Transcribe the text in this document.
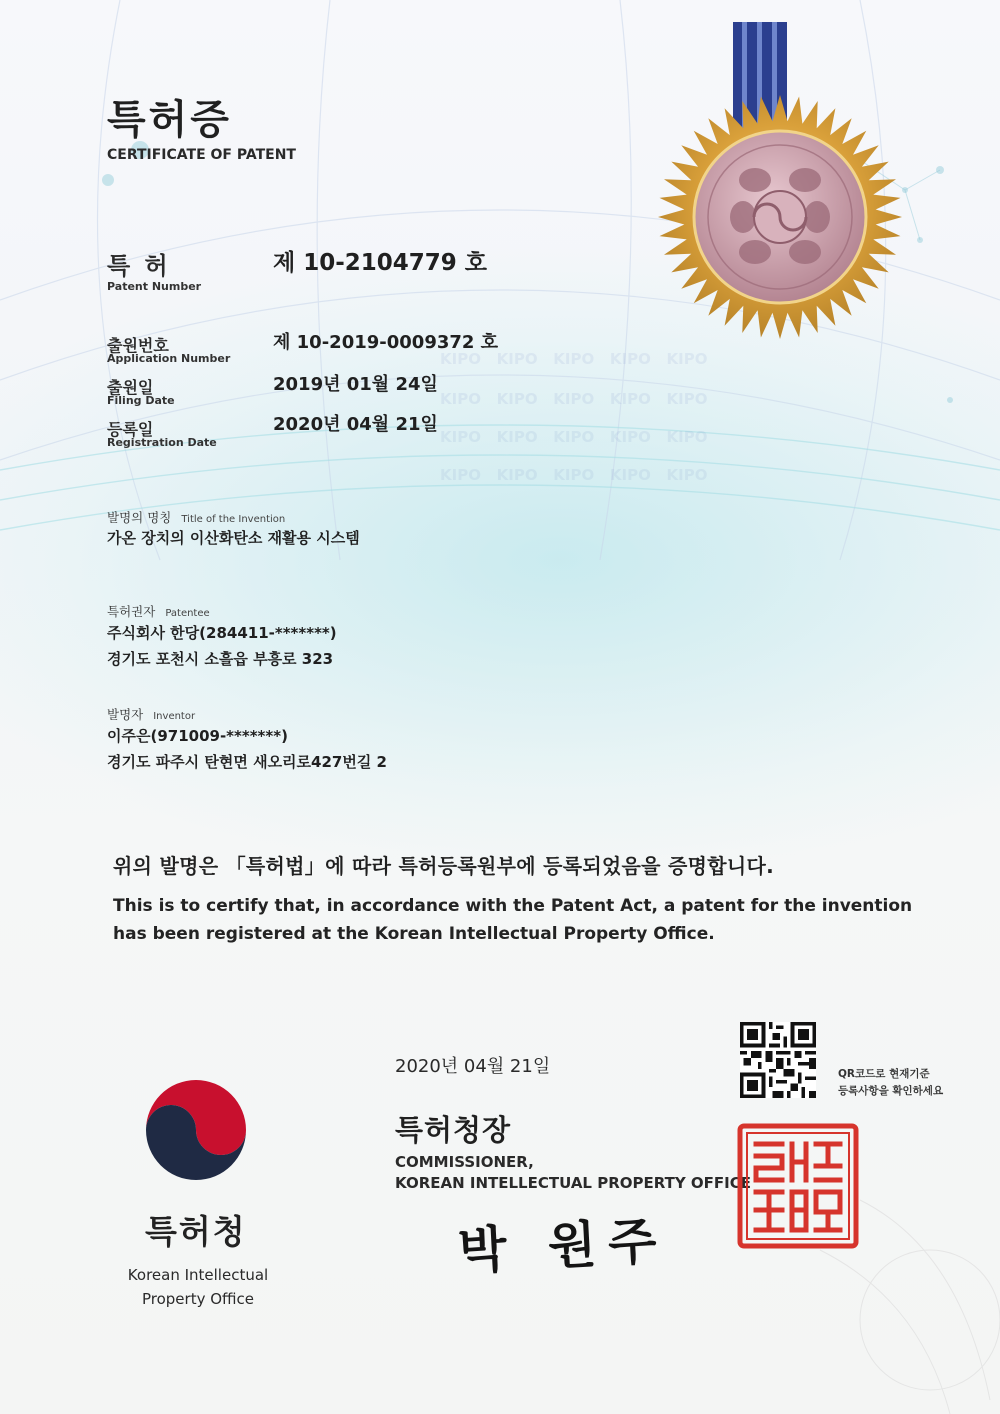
KIPO KIPO KIPO KIPO KIPO
KIPO KIPO KIPO KIPO KIPO
KIPO KIPO KIPO KIPO KIPO
KIPO KIPO KIPO KIPO KIPO
특허증
CERTIFICATE OF PATENT
특 허
Patent Number
제 10-2104779 호
출원번호
Application Number
제 10-2019-0009372 호
출원일
Filing Date
2019년 01월 24일
등록일
Registration Date
2020년 04월 21일
발명의 명칭 Title of the Invention
가온 장치의 이산화탄소 재활용 시스템
특허권자 Patentee
주식회사 한당(284411-*******)
경기도 포천시 소흘읍 부흥로 323
발명자 Inventor
이주은(971009-*******)
경기도 파주시 탄현면 새오리로427번길 2
위의 발명은 「특허법」에 따라 특허등록원부에 등록되었음을 증명합니다.
This is to certify that, in accordance with the Patent Act, a patent for the invention
has been registered at the Korean Intellectual Property Office.
2020년 04월 21일
특허청장
COMMISSIONER,
KOREAN INTELLECTUAL PROPERTY OFFICE
박 원주
QR코드로 현재기준
등록사항을 확인하세요
특허청
Korean Intellectual
Property Office
